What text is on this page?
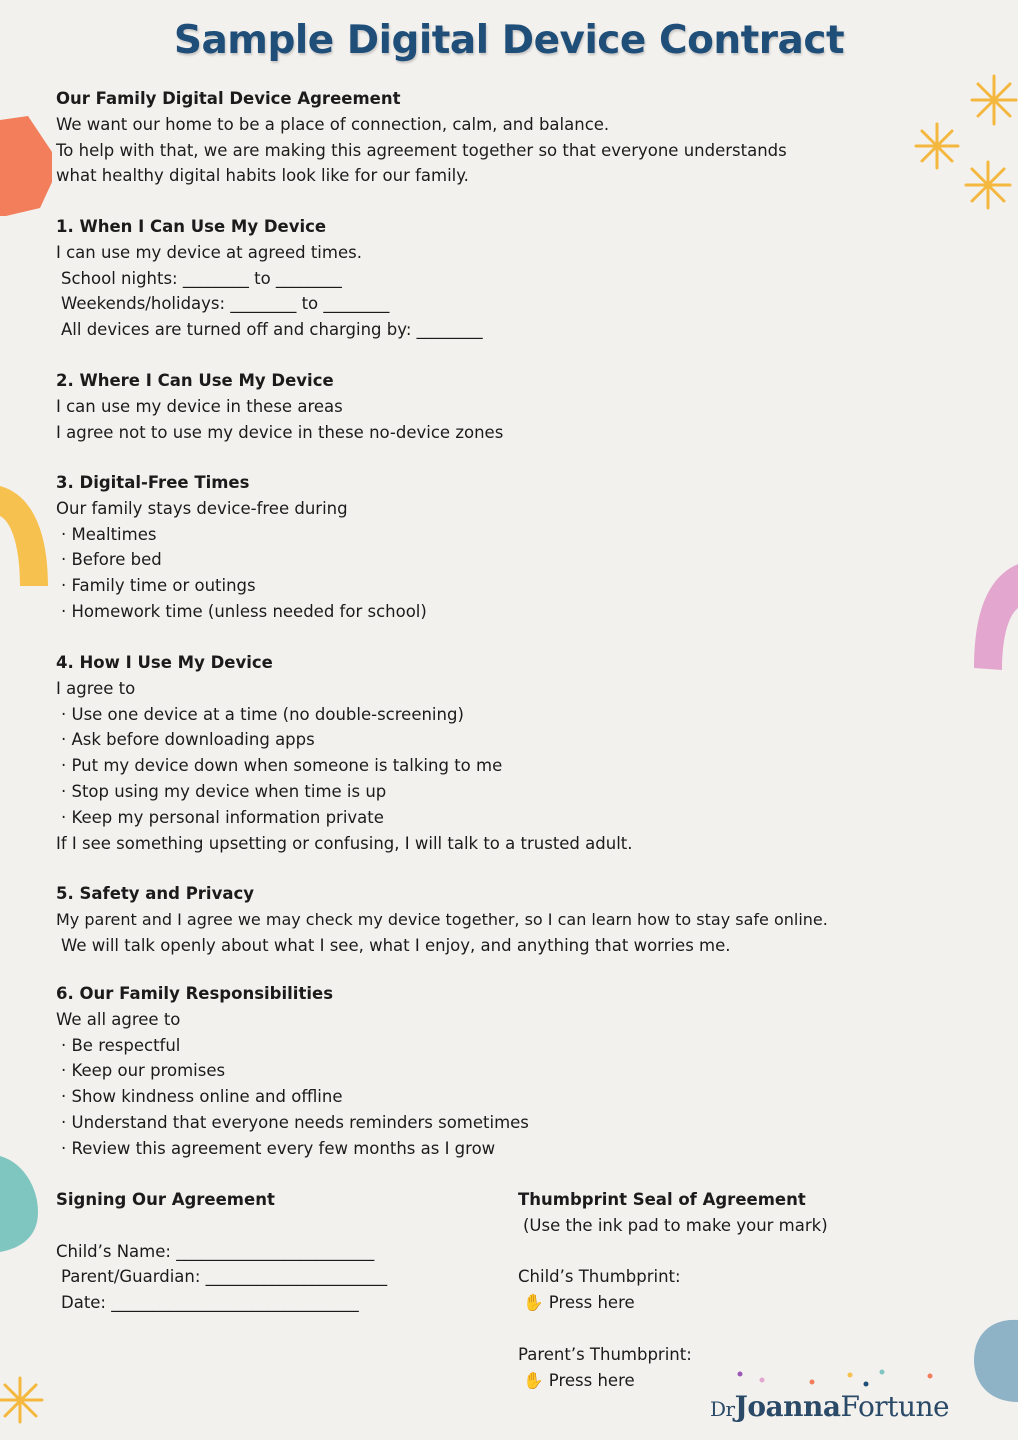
Sample Digital Device Contract

Our Family Digital Device Agreement

We want our home to be a place of connection, calm, and balance.

To help with that, we are making this agreement together so that everyone understands

what healthy digital habits look like for our family.

1. When I Can Use My Device

I can use my device at agreed times.

School nights: ________ to ________

Weekends/holidays: ________ to ________

All devices are turned off and charging by: ________

2. Where I Can Use My Device

I can use my device in these areas

I agree not to use my device in these no-device zones

3. Digital-Free Times

Our family stays device-free during

· Mealtimes

· Before bed

· Family time or outings

· Homework time (unless needed for school)

4. How I Use My Device

I agree to

· Use one device at a time (no double-screening)

· Ask before downloading apps

· Put my device down when someone is talking to me

· Stop using my device when time is up

· Keep my personal information private

If I see something upsetting or confusing, I will talk to a trusted adult.

5. Safety and Privacy

My parent and I agree we may check my device together, so I can learn how to stay safe online.

We will talk openly about what I see, what I enjoy, and anything that worries me.

6. Our Family Responsibilities

We all agree to

· Be respectful

· Keep our promises

· Show kindness online and offline

· Understand that everyone needs reminders sometimes

· Review this agreement every few months as I grow

Signing Our Agreement

Child’s Name: ________________________

Parent/Guardian: ______________________

Date: ______________________________

Thumbprint Seal of Agreement

(Use the ink pad to make your mark)

Child’s Thumbprint:

✋ Press here

Parent’s Thumbprint:

✋ Press here

DrJoannaFortune
